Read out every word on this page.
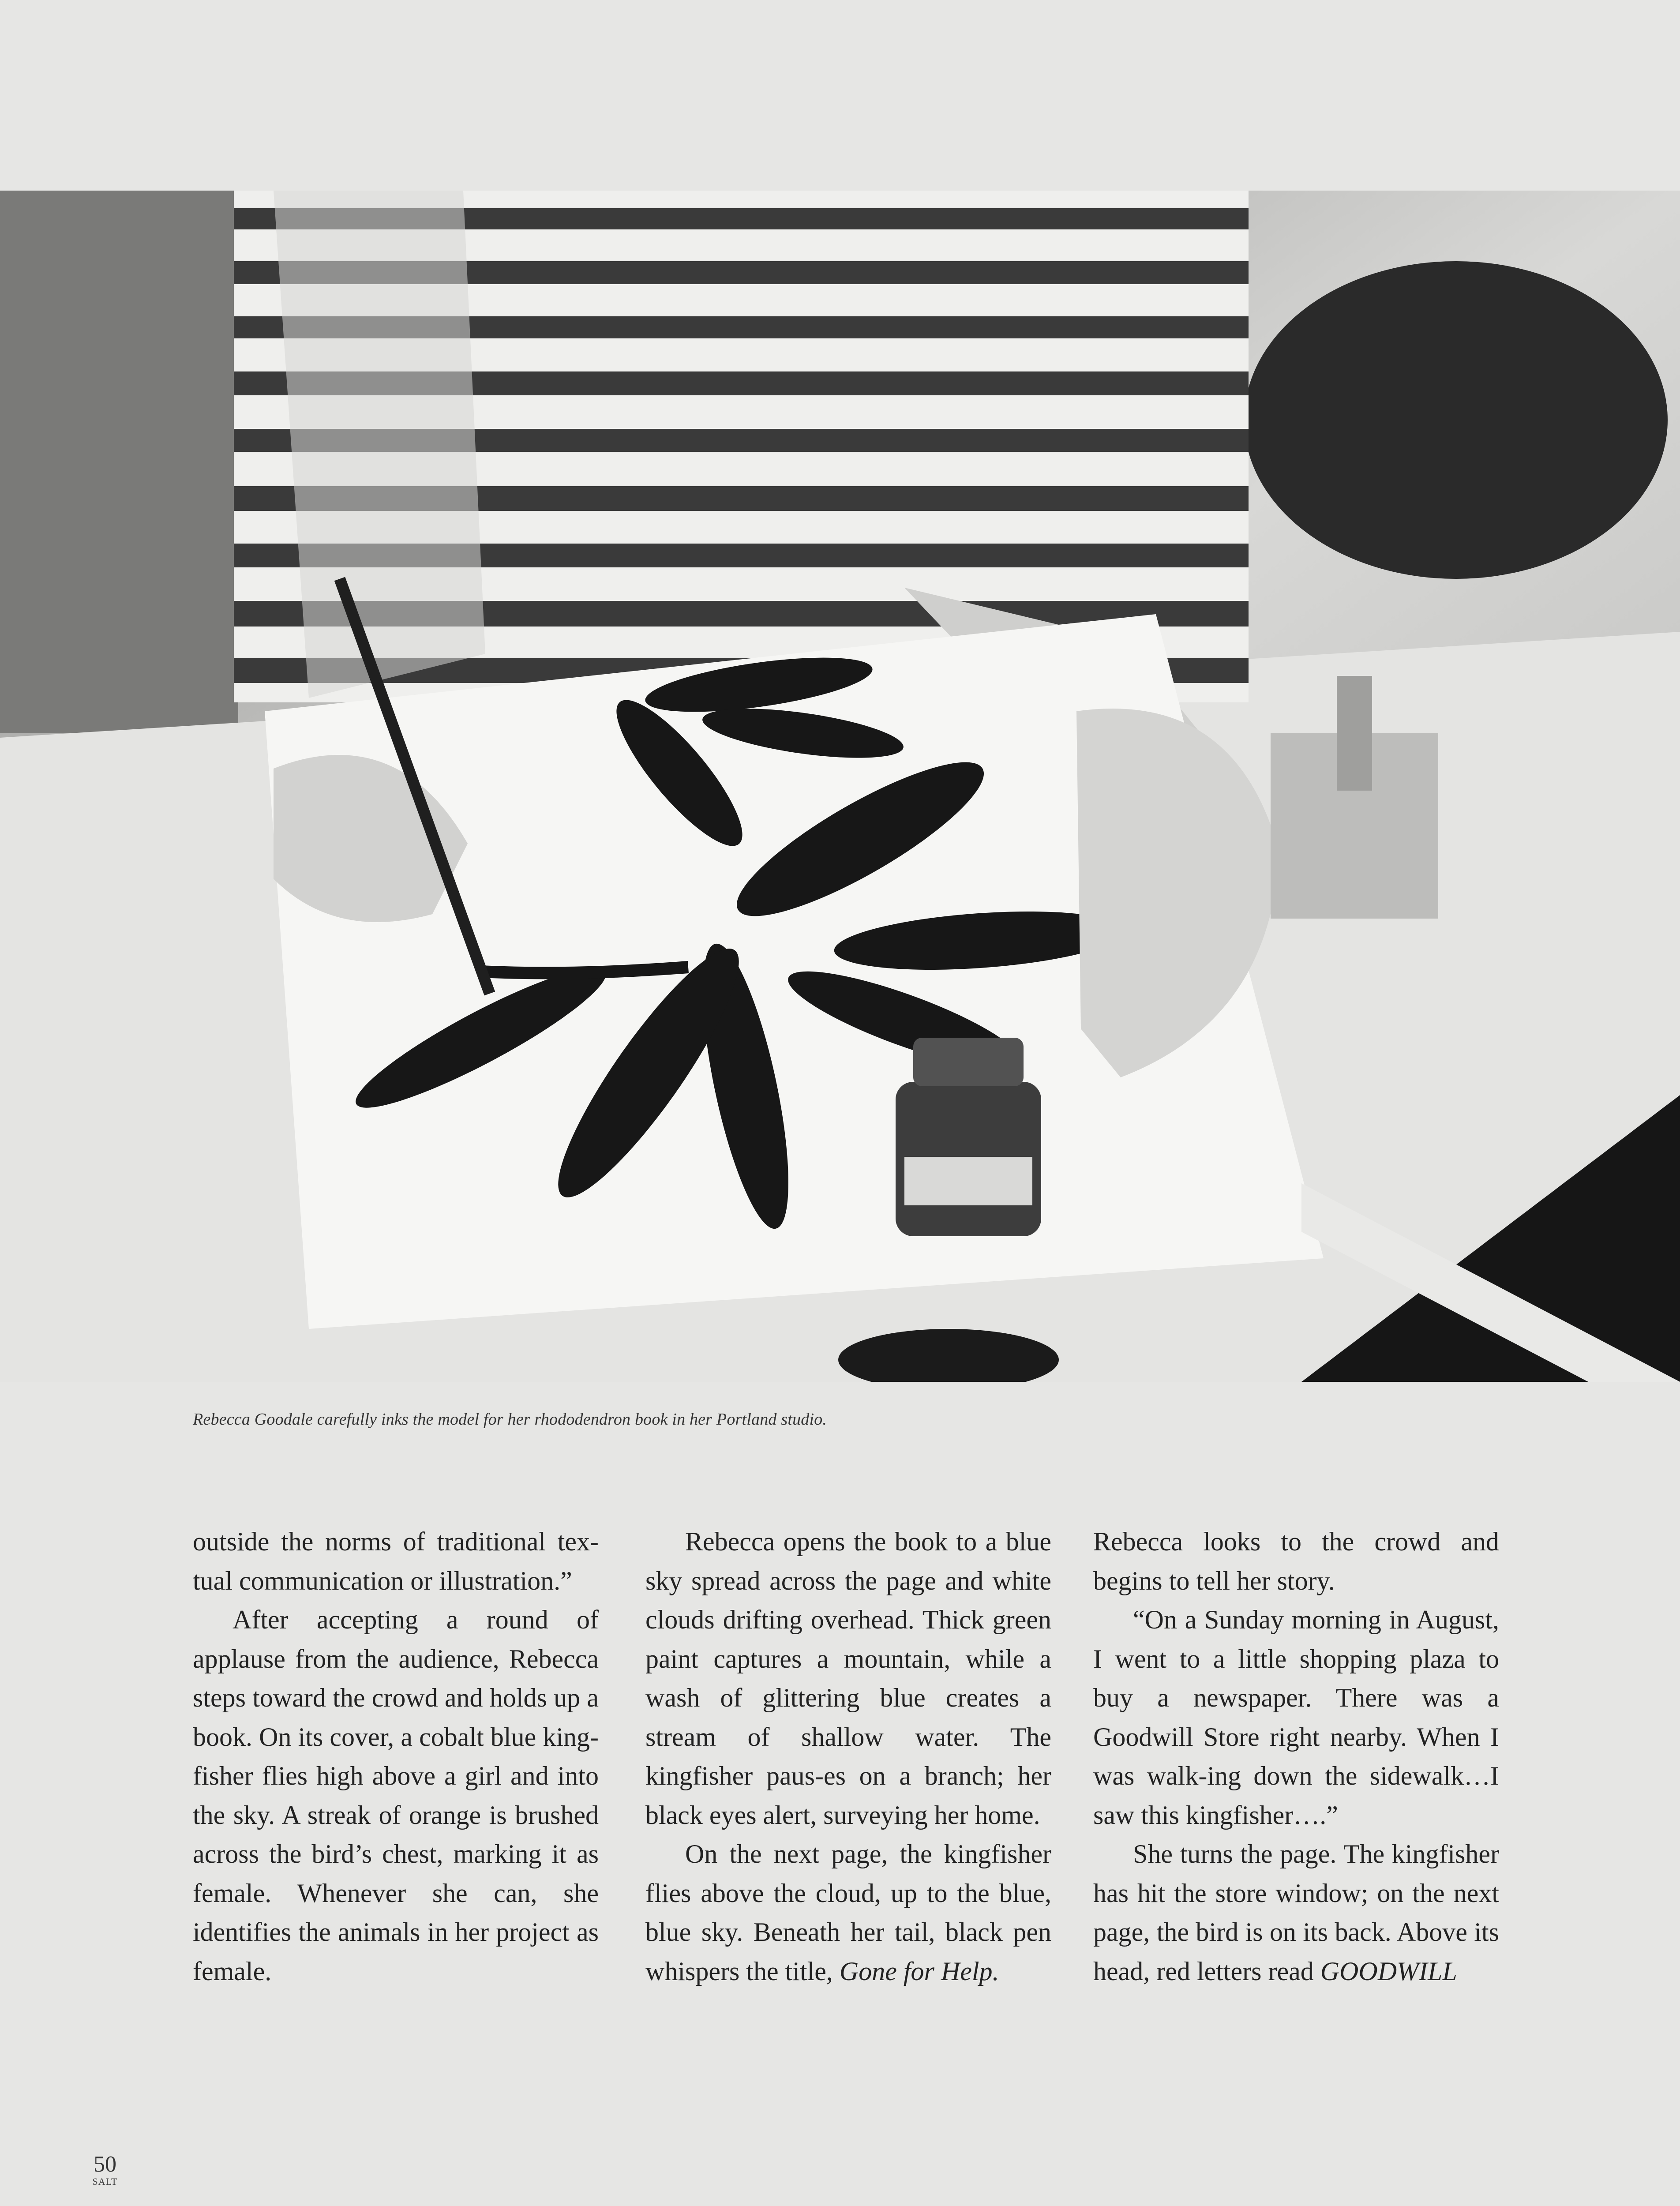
Rebecca Goodale carefully inks the model for her rhododendron book in her Portland studio.

outside the norms of traditional tex-tual communication or illustration.”

After accepting a round of applause from the audience, Rebecca steps toward the crowd and holds up a book. On its cover, a cobalt blue king-fisher flies high above a girl and into the sky. A streak of orange is brushed across the bird’s chest, marking it as female. Whenever she can, she identifies the animals in her project as female.

Rebecca opens the book to a blue sky spread across the page and white clouds drifting overhead. Thick green paint captures a mountain, while a wash of glittering blue creates a stream of shallow water. The kingfisher paus-es on a branch; her black eyes alert, surveying her home.

On the next page, the kingfisher flies above the cloud, up to the blue, blue sky. Beneath her tail, black pen whispers the title, Gone for Help.

Rebecca looks to the crowd and begins to tell her story.

“On a Sunday morning in August, I went to a little shopping plaza to buy a newspaper. There was a Goodwill Store right nearby. When I was walk-ing down the sidewalk…I saw this kingfisher….”

She turns the page. The kingfisher has hit the store window; on the next page, the bird is on its back. Above its head, red letters read GOODWILL

50
SALT
